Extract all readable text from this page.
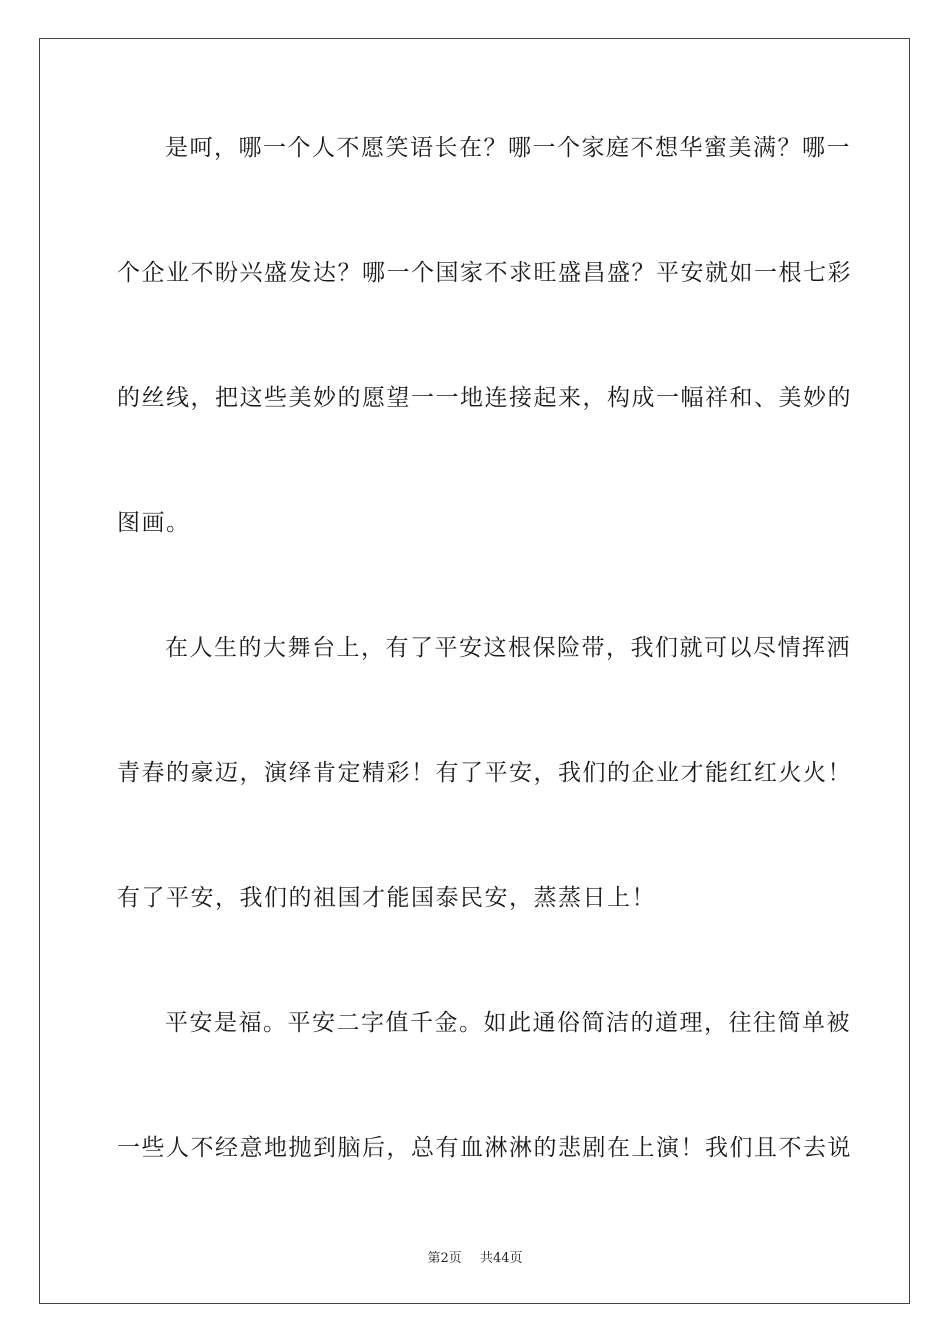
是呵，哪一个人不愿笑语长在？哪一个家庭不想华蜜美满？哪一
个企业不盼兴盛发达？哪一个国家不求旺盛昌盛？平安就如一根七彩
的丝线，把这些美妙的愿望一一地连接起来，构成一幅祥和、美妙的
图画。
在人生的大舞台上，有了平安这根保险带，我们就可以尽情挥洒
青春的豪迈，演绎肯定精彩！有了平安，我们的企业才能红红火火！
有了平安，我们的祖国才能国泰民安，蒸蒸日上！
平安是福。平安二字值千金。如此通俗简洁的道理，往往简单被
一些人不经意地抛到脑后，总有血淋淋的悲剧在上演！我们且不去说
第2页 共44页
